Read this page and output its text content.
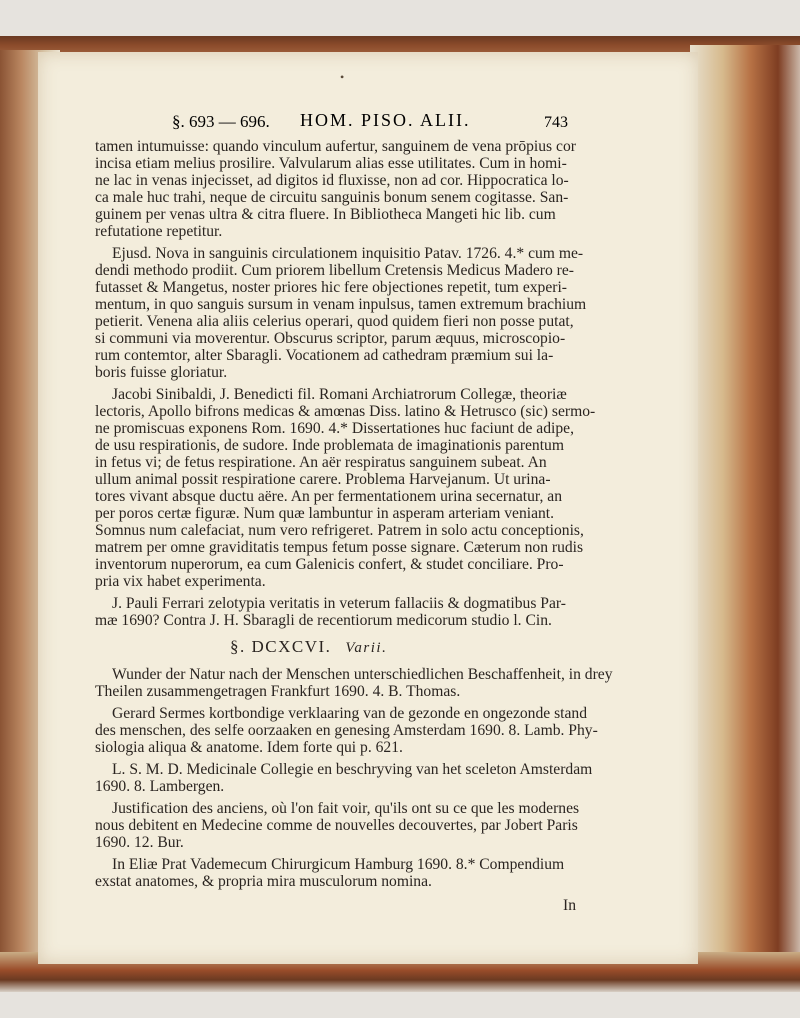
•
§. 693 — 696. HOM. PISO. ALII.	743
tamen intumuisse: quando vinculum aufertur, sanguinem de vena prōpius cor
incisa etiam melius prosilire. Valvularum alias esse utilitates. Cum in homi-
ne lac in venas injecisset, ad digitos id fluxisse, non ad cor. Hippocratica lo-
ca male huc trahi, neque de circuitu sanguinis bonum senem cogitasse. San-
guinem per venas ultra & citra fluere. In Bibliotheca Mangeti hic lib. cum
refutatione repetitur.
Ejusd. Nova in sanguinis circulationem inquisitio Patav. 1726. 4.* cum me-
dendi methodo prodiit. Cum priorem libellum Cretensis Medicus Madero re-
futasset & Mangetus, noster priores hic fere objectiones repetit, tum experi-
mentum, in quo sanguis sursum in venam inpulsus, tamen extremum brachium
petierit. Venena alia aliis celerius operari, quod quidem fieri non posse putat,
si communi via moverentur. Obscurus scriptor, parum æquus, microscopio-
rum contemtor, alter Sbaragli. Vocationem ad cathedram præmium sui la-
boris fuisse gloriatur.
Jacobi Sinibaldi, J. Benedicti fil. Romani Archiatrorum Collegæ, theoriæ
lectoris, Apollo bifrons medicas & amœnas Diss. latino & Hetrusco (sic) sermo-
ne promiscuas exponens Rom. 1690. 4.* Dissertationes huc faciunt de adipe,
de usu respirationis, de sudore. Inde problemata de imaginationis parentum
in fetus vi; de fetus respiratione. An aër respiratus sanguinem subeat. An
ullum animal possit respiratione carere. Problema Harvejanum. Ut urina-
tores vivant absque ductu aëre. An per fermentationem urina secernatur, an
per poros certæ figuræ. Num quæ lambuntur in asperam arteriam veniant.
Somnus num calefaciat, num vero refrigeret. Patrem in solo actu conceptionis,
matrem per omne graviditatis tempus fetum posse signare. Cæterum non rudis
inventorum nuperorum, ea cum Galenicis confert, & studet conciliare. Pro-
pria vix habet experimenta.
J. Pauli Ferrari zelotypia veritatis in veterum fallaciis & dogmatibus Par-
mæ 1690? Contra J. H. Sbaragli de recentiorum medicorum studio l. Cin.
§. DCXCVI. Varii.
Wunder der Natur nach der Menschen unterschiedlichen Beschaffenheit, in drey
Theilen zusammengetragen Frankfurt 1690. 4. B. Thomas.
Gerard Sermes kortbondige verklaaring van de gezonde en ongezonde stand
des menschen, des selfe oorzaaken en genesing Amsterdam 1690. 8. Lamb. Phy-
siologia aliqua & anatome. Idem forte qui p. 621.
L. S. M. D. Medicinale Collegie en beschryving van het sceleton Amsterdam
1690. 8. Lambergen.
Justification des anciens, où l'on fait voir, qu'ils ont su ce que les modernes
nous debitent en Medecine comme de nouvelles decouvertes, par Jobert Paris
1690. 12. Bur.
In Eliæ Prat Vademecum Chirurgicum Hamburg 1690. 8.* Compendium
exstat anatomes, & propria mira musculorum nomina.
In
